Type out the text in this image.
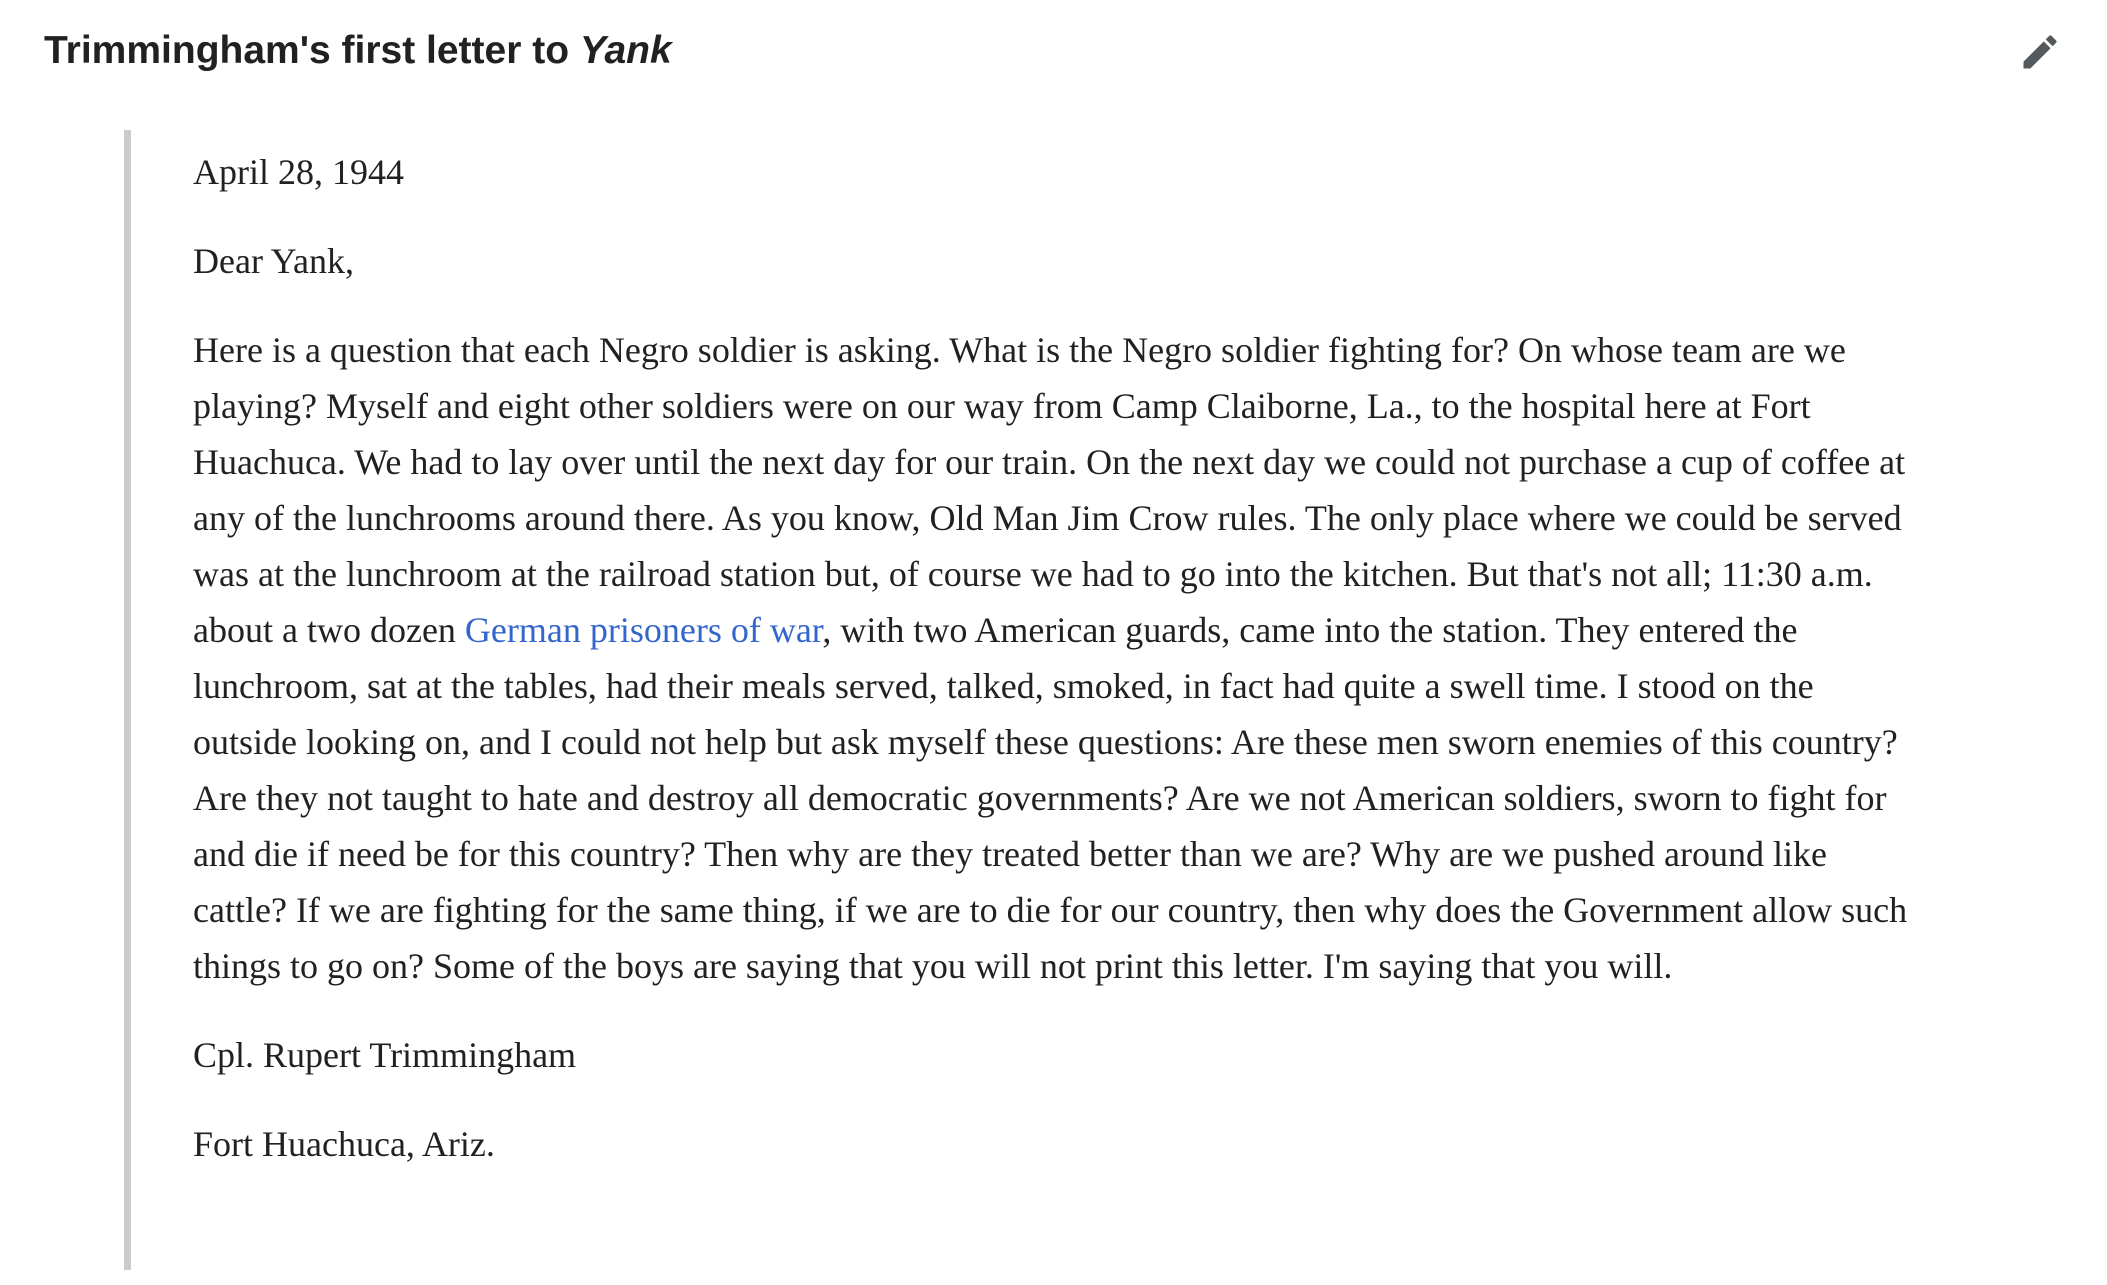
Trimmingham's first letter to Yank

April 28, 1944

Dear Yank,

Here is a question that each Negro soldier is asking. What is the Negro soldier fighting for? On whose team are we playing? Myself and eight other soldiers were on our way from Camp Claiborne, La., to the hospital here at Fort Huachuca. We had to lay over until the next day for our train. On the next day we could not purchase a cup of coffee at any of the lunchrooms around there. As you know, Old Man Jim Crow rules. The only place where we could be served was at the lunchroom at the railroad station but, of course we had to go into the kitchen. But that's not all; 11:30 a.m. about a two dozen German prisoners of war, with two American guards, came into the station. They entered the lunchroom, sat at the tables, had their meals served, talked, smoked, in fact had quite a swell time. I stood on the outside looking on, and I could not help but ask myself these questions: Are these men sworn enemies of this country? Are they not taught to hate and destroy all democratic governments? Are we not American soldiers, sworn to fight for and die if need be for this country? Then why are they treated better than we are? Why are we pushed around like cattle? If we are fighting for the same thing, if we are to die for our country, then why does the Government allow such things to go on? Some of the boys are saying that you will not print this letter. I'm saying that you will.

Cpl. Rupert Trimmingham

Fort Huachuca, Ariz.
